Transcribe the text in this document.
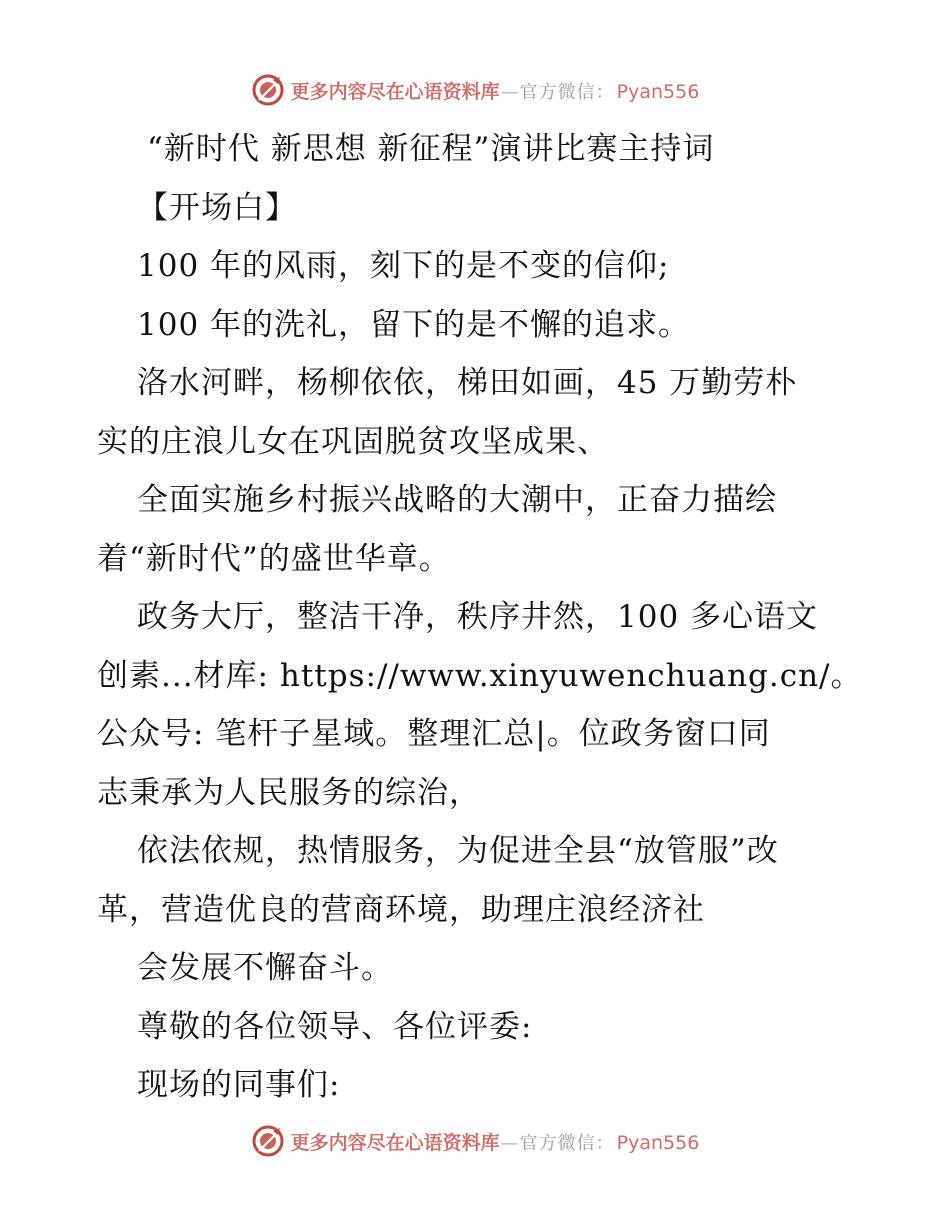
更多内容尽在心语资料库 — 官方微信： Pyan556
“新时代 新思想 新征程”演讲比赛主持词
【开场白】
100 年的风雨，刻下的是不变的信仰;
100 年的洗礼，留下的是不懈的追求。
洛水河畔，杨柳依依，梯田如画，45 万勤劳朴
实的庄浪儿女在巩固脱贫攻坚成果、
全面实施乡村振兴战略的大潮中，正奋力描绘
着“新时代”的盛世华章。
政务大厅，整洁干净，秩序井然，100 多心语文
创素...材库: https://www.xinyuwenchuang.cn/。
公众号: 笔杆子星域。整理汇总|。位政务窗口同
志秉承为人民服务的综治，
依法依规，热情服务，为促进全县“放管服”改
革，营造优良的营商环境，助理庄浪经济社
会发展不懈奋斗。
尊敬的各位领导、各位评委:
现场的同事们:
更多内容尽在心语资料库 — 官方微信： Pyan556
